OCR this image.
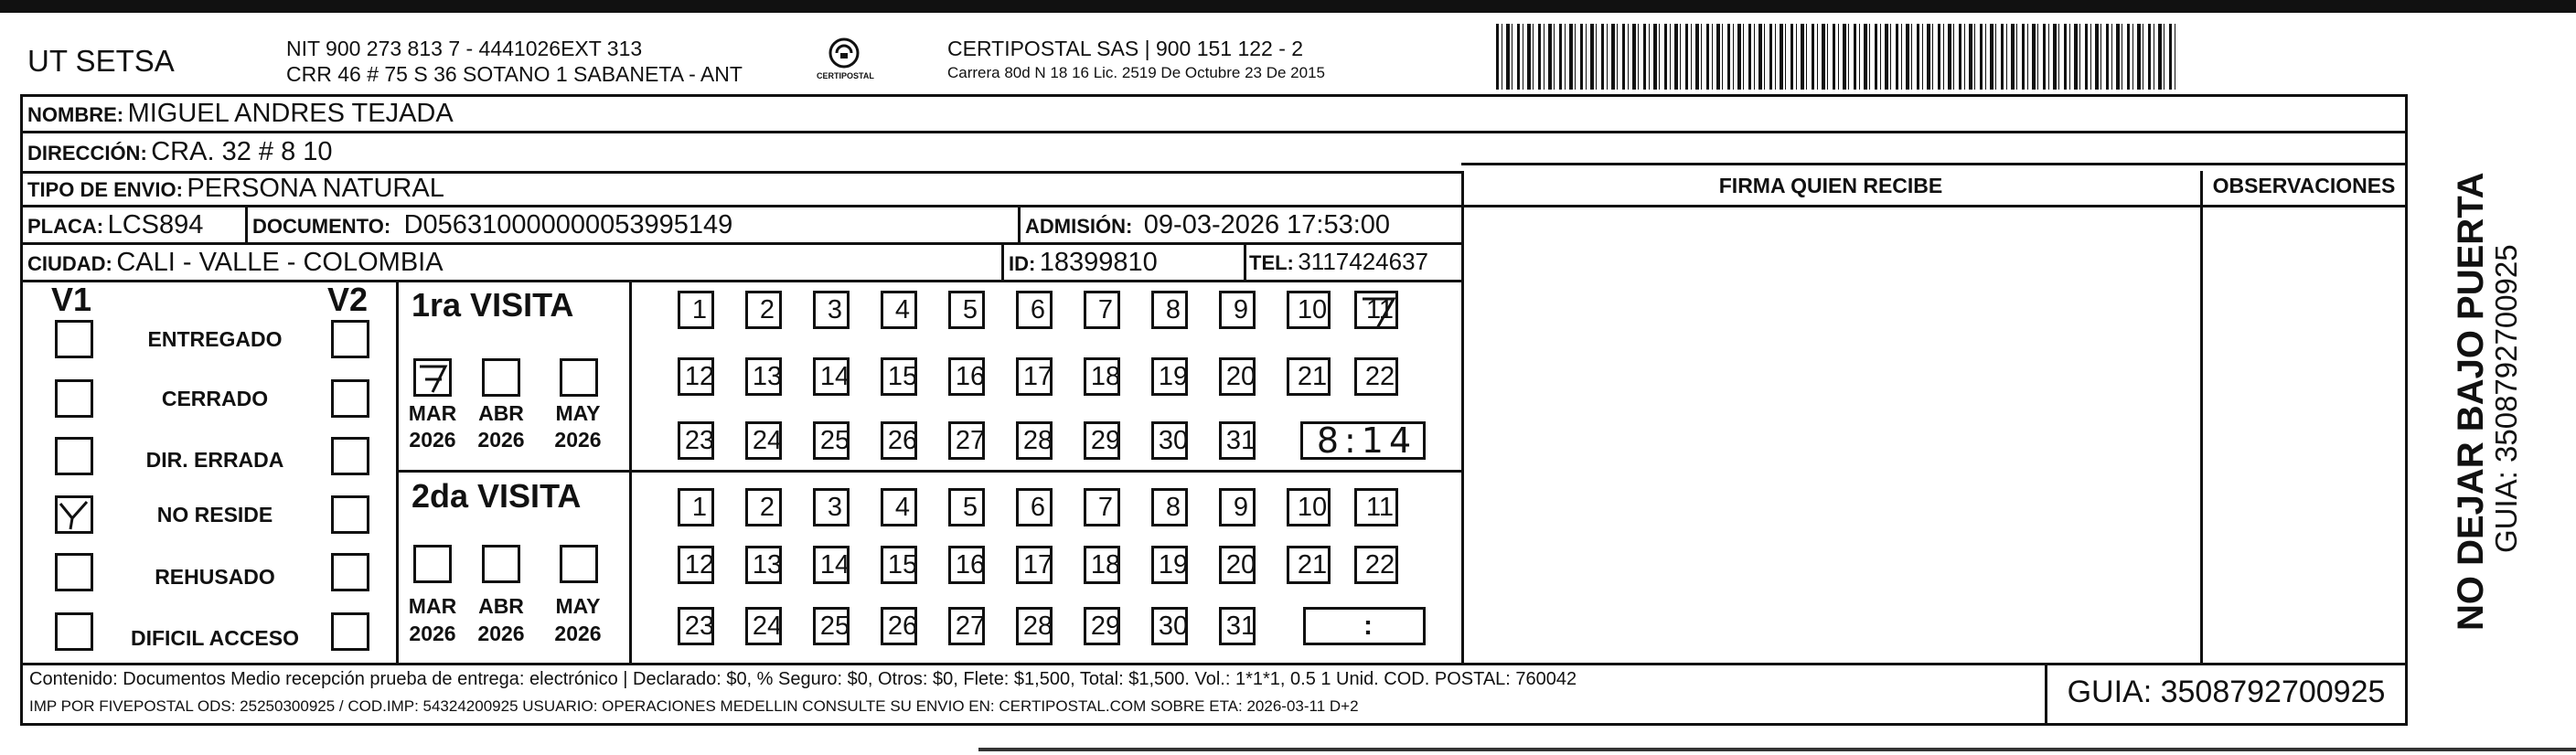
UT SETSA	NIT 900 273 813 7 - 4441026EXT 313
CRR 46 # 75 S 36 SOTANO 1 SABANETA - ANT	CERTIPOSTAL
CERTIPOSTAL SAS | 900 151 122 - 2
Carrera 80d N 18 16 Lic. 2519 De Octubre 23 De 2015
NOMBRE: MIGUEL ANDRES TEJADA
DIRECCIÓN: CRA. 32 # 8 10
TIPO DE ENVIO: PERSONA NATURAL
PLACA: LCS894 DOCUMENTO: D056310000000053995149	ADMISIÓN: 09-03-2026 17:53:00
CIUDAD: CALI - VALLE - COLOMBIA	ID: 18399810	TEL: 3117424637
FIRMA QUIEN RECIBE	OBSERVACIONES
V1	V2
ENTREGADO
CERRADO
DIR. ERRADA
NO RESIDE
REHUSADO
DIFICIL ACCESO
1ra VISITA
MAR ABR MAY
2026 2026 2026
1 2 3 4 5 6 7 8 9 10 11
12 13 14 15 16 17 18 19 20 21 22
23 24 25 26 27 28 29 30 31 8:14
2da VISITA
MAR ABR MAY
2026 2026 2026
1 2 3 4 5 6 7 8 9 10 11
12 13 14 15 16 17 18 19 20 21 22
23 24 25 26 27 28 29 30 31	:
Contenido: Documentos Medio recepción prueba de entrega: electrónico | Declarado: $0, % Seguro: $0, Otros: $0, Flete: $1,500, Total: $1,500. Vol.: 1*1*1, 0.5 1 Unid. COD. POSTAL: 760042
IMP POR FIVEPOSTAL ODS: 25250300925 / COD.IMP: 54324200925 USUARIO: OPERACIONES MEDELLIN CONSULTE SU ENVIO EN: CERTIPOSTAL.COM SOBRE ETA: 2026-03-11 D+2	GUIA: 3508792700925
NO DEJAR BAJO PUERTA
GUIA: 3508792700925
